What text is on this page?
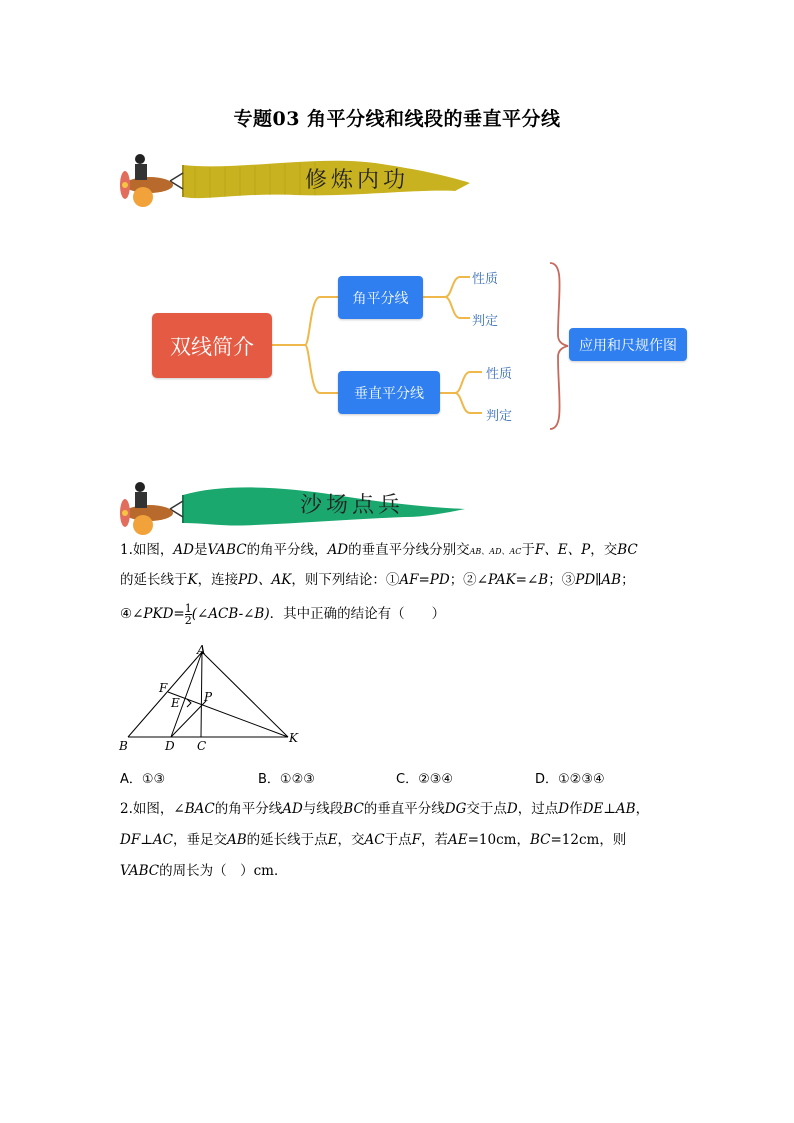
专题03 角平分线和线段的垂直平分线
修炼内功
双线简介
角平分线
垂直平分线
性质
判定
性质
判定
应用和尺规作图
沙场点兵
1.如图，AD是VABC的角平分线，AD的垂直平分线分别交AB、AD、AC于F、E、P，交BC
的延长线于K，连接PD、AK，则下列结论：①AF=PD；②∠PAK=∠B；③PD∥AB；
④∠PKD= $\frac{1}{2}$ (∠ACB-∠B)．其中正确的结论有（　　）
A
F
E P
B	D C
K
A．①③	B．①②③	C．②③④	D．①②③④
2.如图，∠BAC的角平分线AD与线段BC的垂直平分线DG交于点D，过点D作DE⊥AB，
DF⊥AC，垂足交AB的延长线于点E，交AC于点F，若AE=10cm，BC=12cm，则
VABC的周长为（　）cm．
